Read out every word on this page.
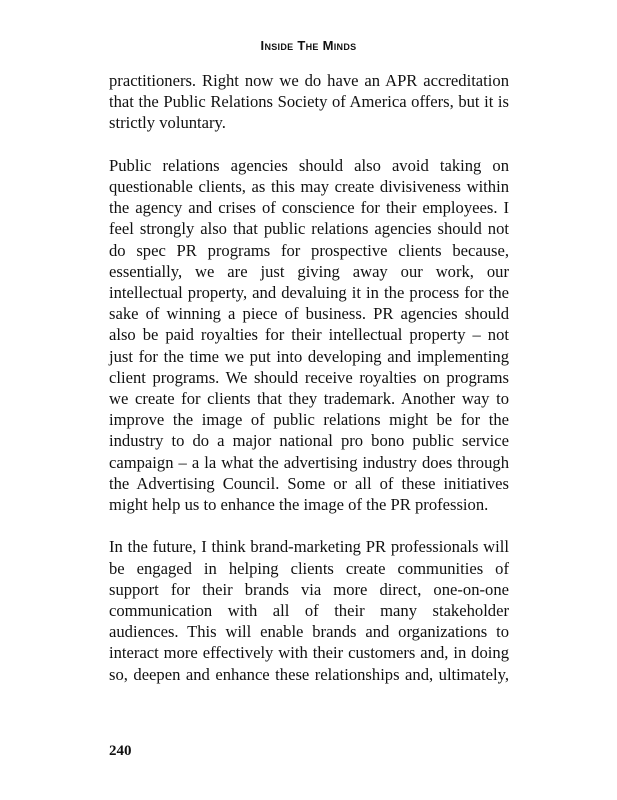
Inside The Minds

practitioners. Right now we do have an APR accreditation
that the Public Relations Society of America offers, but it is
strictly voluntary.

Public relations agencies should also avoid taking on
questionable clients, as this may create divisiveness within
the agency and crises of conscience for their employees. I
feel strongly also that public relations agencies should not
do spec PR programs for prospective clients because,
essentially, we are just giving away our work, our
intellectual property, and devaluing it in the process for the
sake of winning a piece of business. PR agencies should
also be paid royalties for their intellectual property – not
just for the time we put into developing and implementing
client programs. We should receive royalties on programs
we create for clients that they trademark. Another way to
improve the image of public relations might be for the
industry to do a major national pro bono public service
campaign – a la what the advertising industry does through
the Advertising Council. Some or all of these initiatives
might help us to enhance the image of the PR profession.

In the future, I think brand-marketing PR professionals will
be engaged in helping clients create communities of
support for their brands via more direct, one-on-one
communication with all of their many stakeholder
audiences. This will enable brands and organizations to
interact more effectively with their customers and, in doing
so, deepen and enhance these relationships and, ultimately,

240
